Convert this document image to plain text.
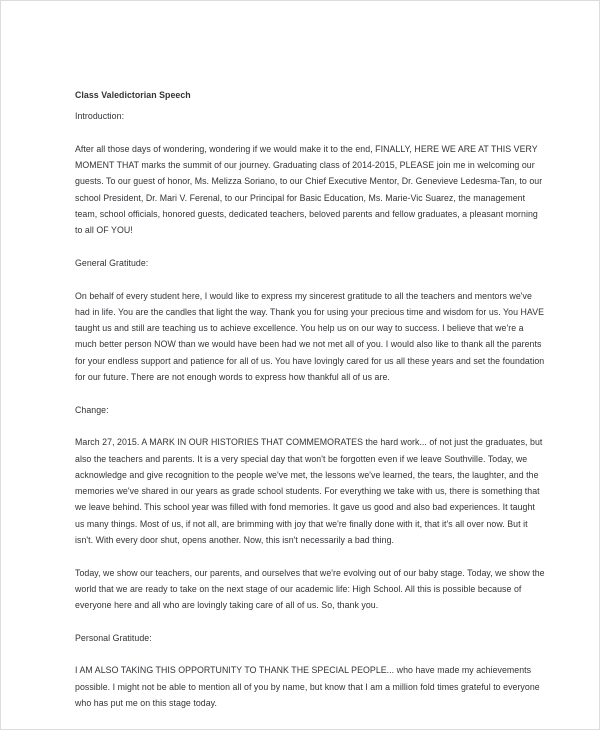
Class Valedictorian Speech
Introduction:
After all those days of wondering, wondering if we would make it to the end, FINALLY, HERE WE ARE AT THIS VERY MOMENT THAT marks the summit of our journey. Graduating class of 2014-2015, PLEASE join me in welcoming our guests. To our guest of honor, Ms. Melizza Soriano, to our Chief Executive Mentor, Dr. Genevieve Ledesma-Tan, to our school President, Dr. Mari V. Ferenal, to our Principal for Basic Education, Ms. Marie-Vic Suarez, the management team, school officials, honored guests, dedicated teachers, beloved parents and fellow graduates, a pleasant morning to all OF YOU!
General Gratitude:
On behalf of every student here, I would like to express my sincerest gratitude to all the teachers and mentors we've had in life. You are the candles that light the way. Thank you for using your precious time and wisdom for us. You HAVE taught us and still are teaching us to achieve excellence. You help us on our way to success. I believe that we're a much better person NOW than we would have been had we not met all of you. I would also like to thank all the parents for your endless support and patience for all of us. You have lovingly cared for us all these years and set the foundation for our future. There are not enough words to express how thankful all of us are.
Change:
March 27, 2015. A MARK IN OUR HISTORIES THAT COMMEMORATES the hard work... of not just the graduates, but also the teachers and parents. It is a very special day that won't be forgotten even if we leave Southville. Today, we acknowledge and give recognition to the people we've met, the lessons we've learned, the tears, the laughter, and the memories we've shared in our years as grade school students. For everything we take with us, there is something that we leave behind. This school year was filled with fond memories. It gave us good and also bad experiences. It taught us many things. Most of us, if not all, are brimming with joy that we're finally done with it, that it's all over now. But it isn't. With every door shut, opens another. Now, this isn't necessarily a bad thing.
Today, we show our teachers, our parents, and ourselves that we're evolving out of our baby stage. Today, we show the world that we are ready to take on the next stage of our academic life: High School. All this is possible because of everyone here and all who are lovingly taking care of all of us. So, thank you.
Personal Gratitude:
I AM ALSO TAKING THIS OPPORTUNITY TO THANK THE SPECIAL PEOPLE... who have made my achievements possible. I might not be able to mention all of you by name, but know that I am a million fold times grateful to everyone who has put me on this stage today.
